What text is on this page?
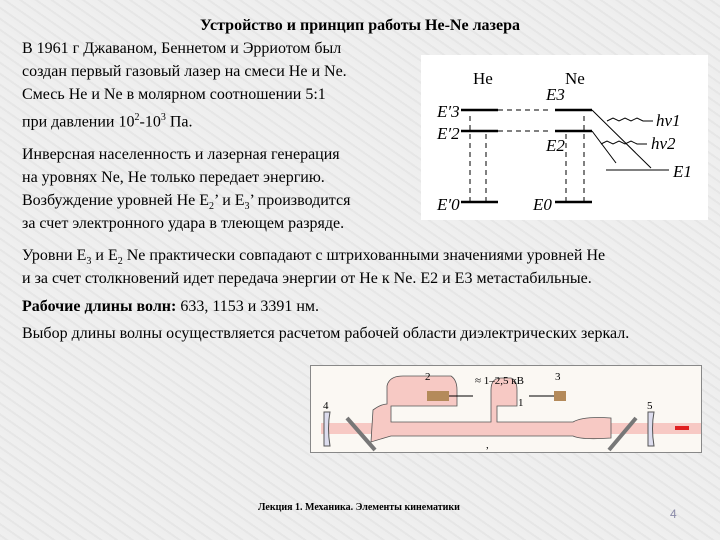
Устройство и принцип работы He-Ne лазера
В 1961 г Джаваном, Беннетом и Эрриотом был
создан первый газовый лазер на смеси He и Ne.
Смесь He и Ne в молярном соотношении 5:1
при давлении $10^2-10^3$ Па.
Инверсная населенность и лазерная генерация
на уровнях Ne, He только передает энергию.
Возбуждение уровней He $E_2$’ и $E_3$’ производится
за счет электронного удара в тлеющем разряде.
He	Ne
E′3
E′2
E′0
E3
E2
E0
E1
hν1
hν2
Уровни $E_3$ и $E_2$ Ne практически совпадают с штрихованными значениями уровней He
и за счет столкновений идет передача энергии от He к Ne. E2 и E3 метастабильные.
Рабочие длины волн: 633, 1153 и 3391 нм.
Выбор длины волны осуществляется расчетом рабочей области диэлектрических зеркал.
2	3
≈ 1–2,5 кВ
1
4	5
,
Лекция 1. Механика. Элементы кинематики	4
